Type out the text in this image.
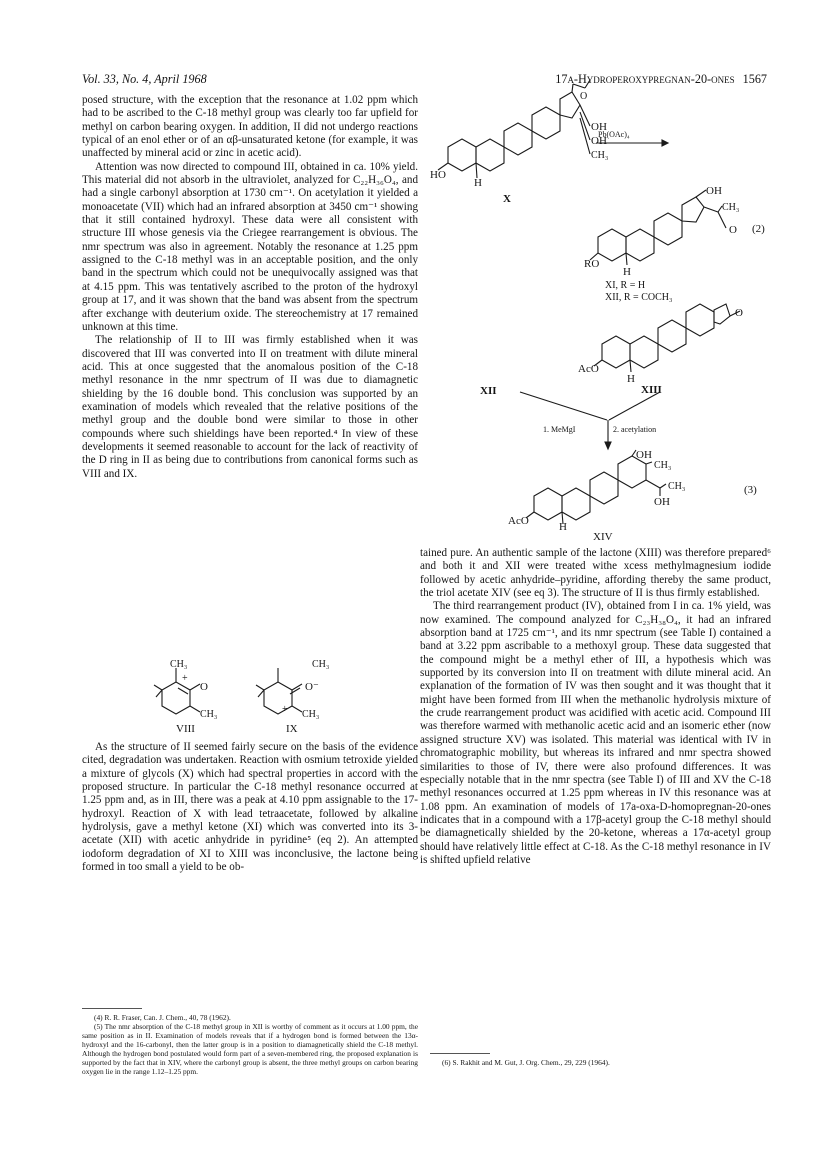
Vol. 33, No. 4, April 1968	17α-Hydroperoxypregnan-20-ones 1567

posed structure, with the exception that the resonance at 1.02 ppm which had to be ascribed to the C-18 methyl group was clearly too far upfield for methyl on carbon bearing oxygen. In addition, II did not undergo reactions typical of an enol ether or of an αβ-unsaturated ketone (for example, it was unaffected by mineral acid or zinc in acetic acid).

Attention was now directed to compound III, obtained in ca. 10% yield. This material did not absorb in the ultraviolet, analyzed for C₂₂H₃₆O₄, and had a single carbonyl absorption at 1730 cm⁻¹. On acetylation it yielded a monoacetate (VII) which had an infrared absorption at 3450 cm⁻¹ showing that it still contained hydroxyl. These data were all consistent with structure III whose genesis via the Criegee rearrangement is obvious. The nmr spectrum was also in agreement. Notably the resonance at 1.25 ppm assigned to the C-18 methyl was in an acceptable position, and the only band in the spectrum which could not be unequivocally assigned was that at 4.15 ppm. This was tentatively ascribed to the proton of the hydroxyl group at 17, and it was shown that the band was absent from the spectrum after exchange with deuterium oxide. The stereochemistry at 17 remained unknown at this time.

The relationship of II to III was firmly established when it was discovered that III was converted into II on treatment with dilute mineral acid. This at once suggested that the anomalous position of the C-18 methyl resonance in the nmr spectrum of II was due to diamagnetic shielding by the 16 double bond. This conclusion was supported by an examination of models which revealed that the relative positions of the methyl group and the double bond were similar to those in other compounds where such shieldings have been reported.⁴ In view of these developments it seemed reasonable to account for the lack of reactivity of the D ring in II as being due to contributions from canonical forms such as VIII and IX.

As the structure of II seemed fairly secure on the basis of the evidence cited, degradation was undertaken. Reaction with osmium tetroxide yielded a mixture of glycols (X) which had spectral properties in accord with the proposed structure. In particular the C-18 methyl resonance occurred at 1.25 ppm and, as in III, there was a peak at 4.10 ppm assignable to the 17-hydroxyl. Reaction of X with lead tetraacetate, followed by alkaline hydrolysis, gave a methyl ketone (XI) which was converted into its 3-acetate (XII) with acetic anhydride in pyridine⁵ (eq 2). An attempted iodoform degradation of XI to XIII was inconclusive, the lactone being formed in too small a yield to be ob-

tained pure. An authentic sample of the lactone (XIII) was therefore prepared⁶ and both it and XII were treated withe xcess methylmagnesium iodide followed by acetic anhydride–pyridine, affording thereby the same product, the triol acetate XIV (see eq 3). The structure of II is thus firmly established.

The third rearrangement product (IV), obtained from I in ca. 1% yield, was now examined. The compound analyzed for C₂₃H₃₈O₄, it had an infrared absorption band at 1725 cm⁻¹, and its nmr spectrum (see Table I) contained a band at 3.22 ppm ascribable to a methoxyl group. These data suggested that the compound might be a methyl ether of III, a hypothesis which was supported by its conversion into II on treatment with dilute mineral acid. An explanation of the formation of IV was then sought and it was thought that it might have been formed from III when the methanolic hydrolysis mixture of the crude rearrangement product was acidified with acetic acid. Compound III was therefore warmed with methanolic acetic acid and an isomeric ether (now assigned structure XV) was isolated. This material was identical with IV in chromatographic mobility, but whereas its infrared and nmr spectra showed similarities to those of IV, there were also profound differences. It was especially notable that in the nmr spectra (see Table I) of III and XV the C-18 methyl resonances occurred at 1.25 ppm whereas in IV this resonance was at 1.08 ppm. An examination of models of 17a-oxa-D-homopregnan-20-ones indicates that in a compound with a 17β-acetyl group the C-18 methyl should be diamagnetically shielded by the 20-ketone, whereas a 17α-acetyl group should have relatively little effect at C-18. As the C-18 methyl resonance in IV is shifted upfield relative

(4) R. R. Fraser, Can. J. Chem., 40, 78 (1962).

(5) The nmr absorption of the C-18 methyl group in XII is worthy of comment as it occurs at 1.00 ppm, the same position as in II. Examination of models reveals that if a hydrogen bond is formed between the 13α-hydroxyl and the 16-carbonyl, then the latter group is in a position to diamagnetically shield the C-18 methyl. Although the hydrogen bond postulated would form part of a seven-membered ring, the proposed explanation is supported by the fact that in XIV, where the carbonyl group is absent, the three methyl groups on carbon bearing oxygen lie in the range 1.12–1.25 ppm.

(6) S. Rakhit and M. Gut, J. Org. Chem., 29, 229 (1964).

HO
H
O
OH
OH
CH₃
X
Pb(OAc)₄
OH
CH₃
O
RO
H
(2)
XI, R = H
XII, R = COCH₃
O
AcO
H
XIII
XII
1. MeMgI	2. acetylation
OH
CH₃
CH₃
OH
AcO	H
XIV
(3)
CH₃
O
CH₃
+
VIII
CH₃
O⁻
CH₃
+
IX
